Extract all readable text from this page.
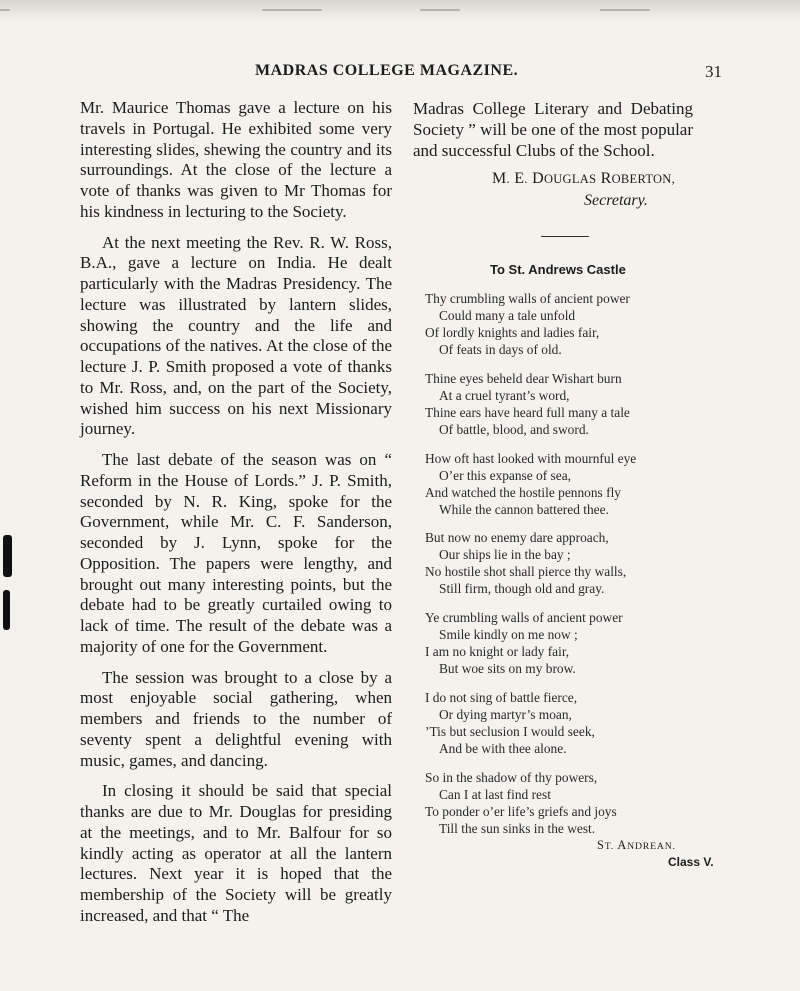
MADRAS COLLEGE MAGAZINE.	31

Mr. Maurice Thomas gave a lecture on his travels in Portugal. He exhibited some very interesting slides, shewing the country and its surroundings. At the close of the lecture a vote of thanks was given to Mr Thomas for his kindness in lecturing to the Society.

At the next meeting the Rev. R. W. Ross, B.A., gave a lecture on India. He dealt particularly with the Madras Presidency. The lecture was illustrated by lantern slides, showing the country and the life and occupations of the natives. At the close of the lecture J. P. Smith proposed a vote of thanks to Mr. Ross, and, on the part of the Society, wished him success on his next Missionary journey.

The last debate of the season was on “ Reform in the House of Lords.” J. P. Smith, seconded by N. R. King, spoke for the Government, while Mr. C. F. Sanderson, seconded by J. Lynn, spoke for the Opposition. The papers were lengthy, and brought out many interesting points, but the debate had to be greatly curtailed owing to lack of time. The result of the debate was a majority of one for the Government.

The session was brought to a close by a most enjoyable social gathering, when members and friends to the number of seventy spent a delightful evening with music, games, and dancing.

In closing it should be said that special thanks are due to Mr. Douglas for presiding at the meetings, and to Mr. Balfour for so kindly acting as operator at all the lantern lectures. Next year it is hoped that the membership of the Society will be greatly increased, and that “ The

Madras College Literary and Debating Society ” will be one of the most popular and successful Clubs of the School.

M. E. DOUGLAS ROBERTON,
Secretary.
To St. Andrews Castle
Thy crumbling walls of ancient power
Could many a tale unfold
Of lordly knights and ladies fair,
Of feats in days of old.
Thine eyes beheld dear Wishart burn
At a cruel tyrant’s word,
Thine ears have heard full many a tale
Of battle, blood, and sword.
How oft hast looked with mournful eye
O’er this expanse of sea,
And watched the hostile pennons fly
While the cannon battered thee.
But now no enemy dare approach,
Our ships lie in the bay ;
No hostile shot shall pierce thy walls,
Still firm, though old and gray.
Ye crumbling walls of ancient power
Smile kindly on me now ;
I am no knight or lady fair,
But woe sits on my brow.
I do not sing of battle fierce,
Or dying martyr’s moan,
’Tis but seclusion I would seek,
And be with thee alone.
So in the shadow of thy powers,
Can I at last find rest
To ponder o’er life’s griefs and joys
Till the sun sinks in the west.
ST. ANDREAN.
Class V.
